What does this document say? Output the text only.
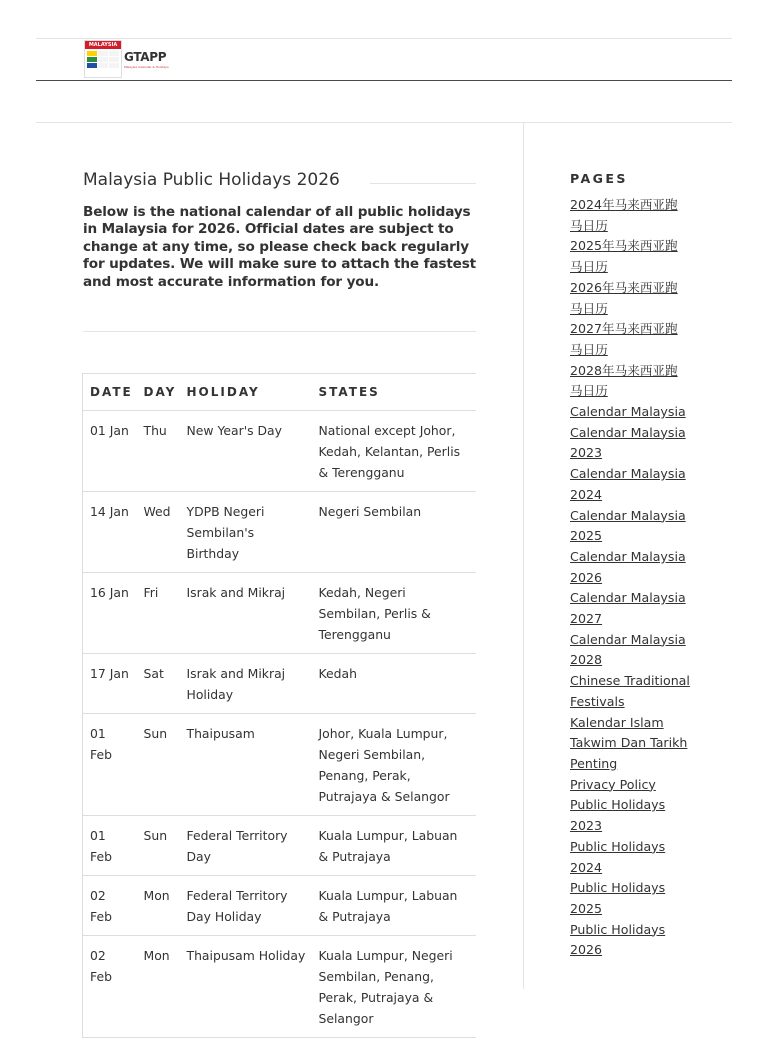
MALAYSIA
GTAPP
Malaysia Calendar & Holidays
Malaysia Public Holidays 2026

Below is the national calendar of all public holidays in Malaysia for 2026. Official dates are subject to change at any time, so please check back regularly for updates. We will make sure to attach the fastest and most accurate information for you.

DATE	DAY	HOLIDAY	STATES
01 Jan	Thu	New Year's Day	National except Johor, Kedah, Kelantan, Perlis & Terengganu
14 Jan	Wed	YDPB Negeri Sembilan's Birthday	Negeri Sembilan
16 Jan	Fri	Israk and Mikraj	Kedah, Negeri Sembilan, Perlis & Terengganu
17 Jan	Sat	Israk and Mikraj Holiday	Kedah
01 Feb	Sun	Thaipusam	Johor, Kuala Lumpur, Negeri Sembilan, Penang, Perak, Putrajaya & Selangor
01 Feb	Sun	Federal Territory Day	Kuala Lumpur, Labuan & Putrajaya
02 Feb	Mon	Federal Territory Day Holiday	Kuala Lumpur, Labuan & Putrajaya
02 Feb	Mon	Thaipusam Holiday	Kuala Lumpur, Negeri Sembilan, Penang, Perak, Putrajaya & Selangor
PAGES
2024年马来西亚跑马日历
2025年马来西亚跑马日历
2026年马来西亚跑马日历
2027年马来西亚跑马日历
2028年马来西亚跑马日历
Calendar Malaysia
Calendar Malaysia 2023
Calendar Malaysia 2024
Calendar Malaysia 2025
Calendar Malaysia 2026
Calendar Malaysia 2027
Calendar Malaysia 2028
Chinese Traditional Festivals
Kalendar Islam
Takwim Dan Tarikh Penting
Privacy Policy
Public Holidays 2023
Public Holidays 2024
Public Holidays 2025
Public Holidays 2026
